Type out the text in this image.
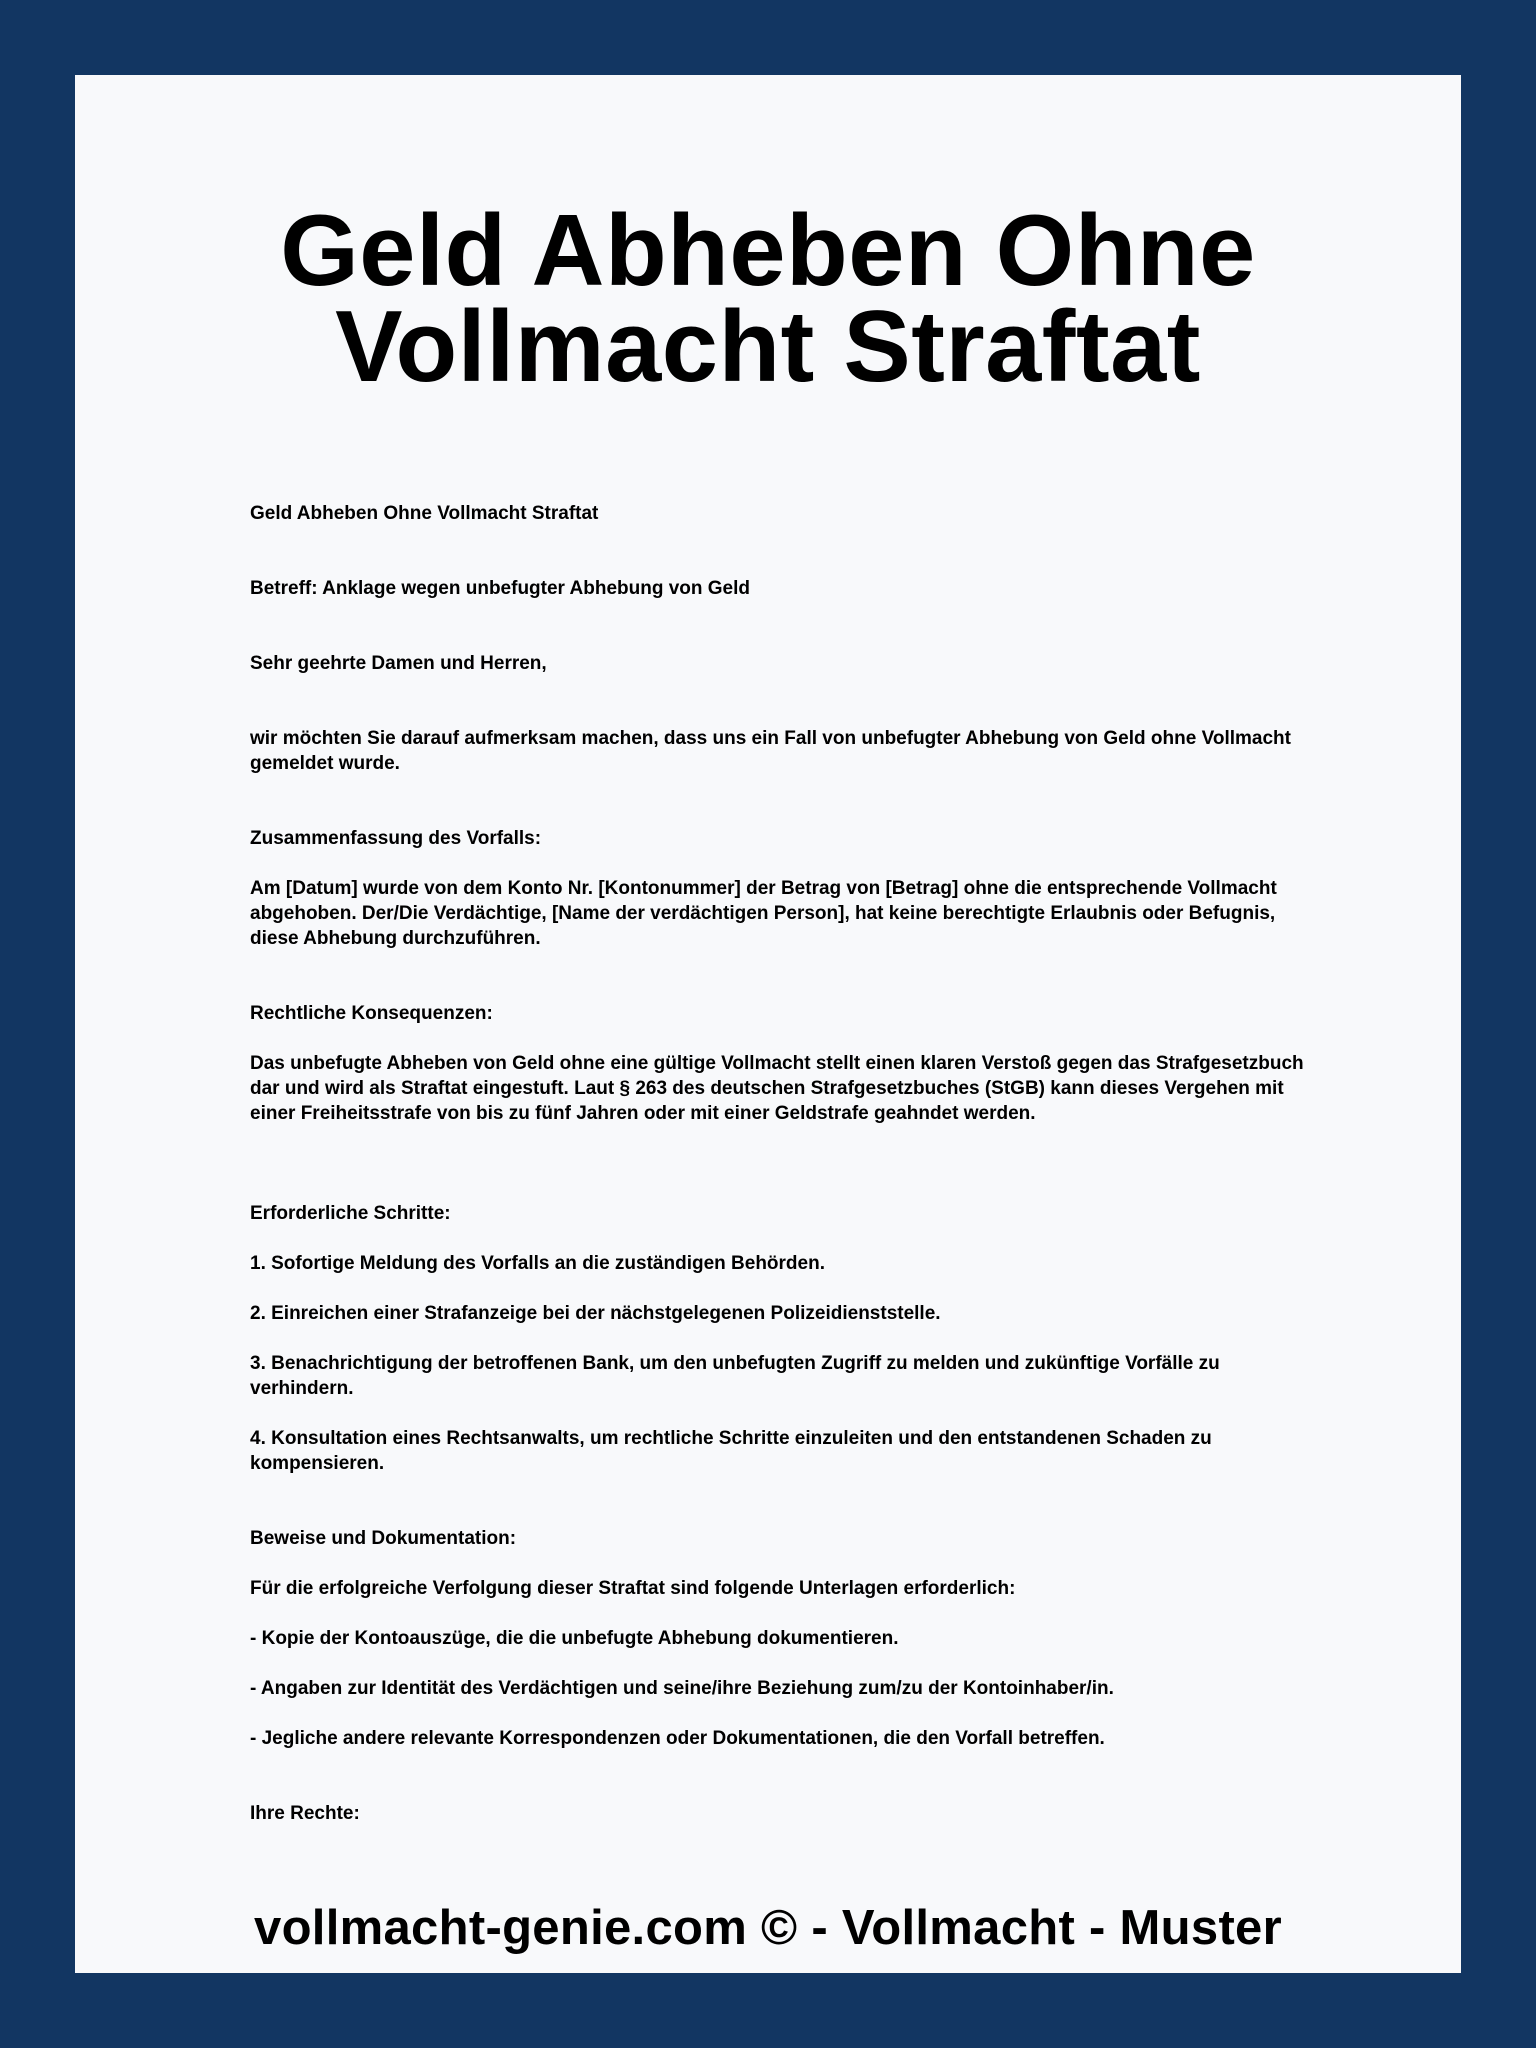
Geld Abheben Ohne Vollmacht Straftat

Geld Abheben Ohne Vollmacht Straftat

Betreff: Anklage wegen unbefugter Abhebung von Geld

Sehr geehrte Damen und Herren,

wir möchten Sie darauf aufmerksam machen, dass uns ein Fall von unbefugter Abhebung von Geld ohne Vollmacht gemeldet wurde.

Zusammenfassung des Vorfalls:

Am [Datum] wurde von dem Konto Nr. [Kontonummer] der Betrag von [Betrag] ohne die entsprechende Vollmacht abgehoben. Der/Die Verdächtige, [Name der verdächtigen Person], hat keine berechtigte Erlaubnis oder Befugnis, diese Abhebung durchzuführen.

Rechtliche Konsequenzen:

Das unbefugte Abheben von Geld ohne eine gültige Vollmacht stellt einen klaren Verstoß gegen das Strafgesetzbuch dar und wird als Straftat eingestuft. Laut § 263 des deutschen Strafgesetzbuches (StGB) kann dieses Vergehen mit einer Freiheitsstrafe von bis zu fünf Jahren oder mit einer Geldstrafe geahndet werden.

Erforderliche Schritte:

1. Sofortige Meldung des Vorfalls an die zuständigen Behörden.

2. Einreichen einer Strafanzeige bei der nächstgelegenen Polizeidienststelle.

3. Benachrichtigung der betroffenen Bank, um den unbefugten Zugriff zu melden und zukünftige Vorfälle zu verhindern.

4. Konsultation eines Rechtsanwalts, um rechtliche Schritte einzuleiten und den entstandenen Schaden zu kompensieren.

Beweise und Dokumentation:

Für die erfolgreiche Verfolgung dieser Straftat sind folgende Unterlagen erforderlich:

- Kopie der Kontoauszüge, die die unbefugte Abhebung dokumentieren.

- Angaben zur Identität des Verdächtigen und seine/ihre Beziehung zum/zu der Kontoinhaber/in.

- Jegliche andere relevante Korrespondenzen oder Dokumentationen, die den Vorfall betreffen.

Ihre Rechte:

vollmacht-genie.com © - Vollmacht - Muster
